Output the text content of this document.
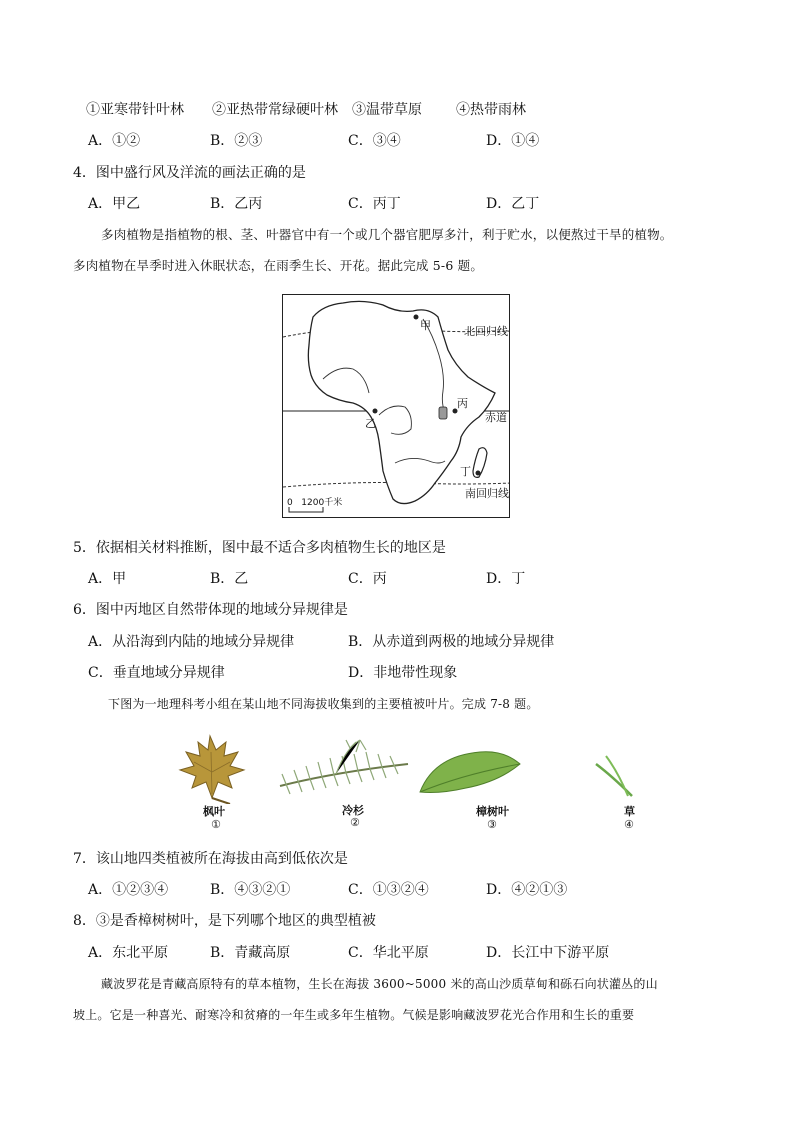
①亚寒带针叶林 ②亚热带常绿硬叶林 ③温带草原 ④热带雨林
A．①②	B．②③	C．③④	D．①④
4．图中盛行风及洋流的画法正确的是
A．甲乙	B．乙丙	C．丙丁	D．乙丁
多肉植物是指植物的根、茎、叶器官中有一个或几个器官肥厚多汁，利于贮水，以便熬过干旱的植物。
多肉植物在旱季时进入休眠状态，在雨季生长、开花。据此完成 5-6 题。
甲	北回归线
丙
赤道
乙
丁
南回归线
0   1200千米
5．依据相关材料推断，图中最不适合多肉植物生长的地区是
A．甲	B．乙	C．丙	D．丁
6．图中丙地区自然带体现的地域分异规律是
A．从沿海到内陆的地域分异规律	B．从赤道到两极的地域分异规律
C．垂直地域分异规律	D．非地带性现象
下图为一地理科考小组在某山地不同海拔收集到的主要植被叶片。完成 7-8 题。
枫叶
①
冷杉
②
樟树叶
③
草
④
7．该山地四类植被所在海拔由高到低依次是
A．①②③④	B．④③②①	C．①③②④	D．④②①③
8．③是香樟树树叶，是下列哪个地区的典型植被
A．东北平原	B．青藏高原	C．华北平原	D．长江中下游平原
藏波罗花是青藏高原特有的草本植物，生长在海拔 3600~5000 米的高山沙质草甸和砾石向状灌丛的山
坡上。它是一种喜光、耐寒冷和贫瘠的一年生或多年生植物。气候是影响藏波罗花光合作用和生长的重要
